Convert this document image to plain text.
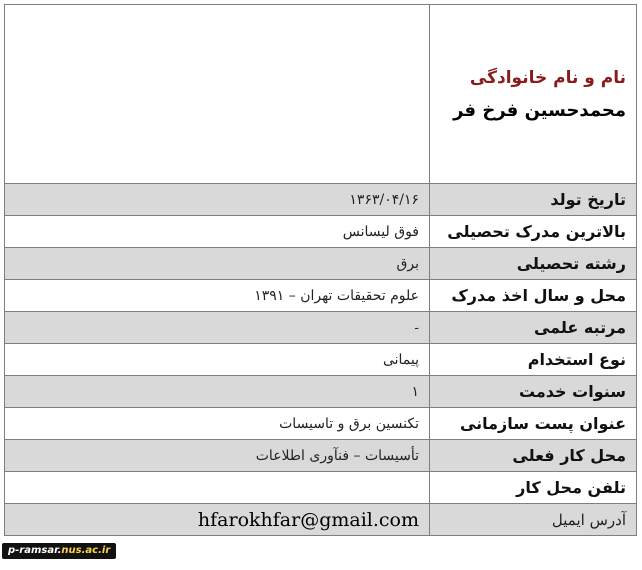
نام و نام خانوادگی
محمدحسین فرخ فر	

تاریخ تولد	۱۳۶۳/۰۴/۱۶
بالاترین مدرک تحصیلی	فوق لیسانس
رشته تحصیلی	برق
محل و سال اخذ مدرک	علوم تحقیقات تهران – ۱۳۹۱
مرتبه علمی	-
نوع استخدام	پیمانی
سنوات خدمت	۱
عنوان پست سازمانی	تکنسین برق و تاسیسات
محل کار فعلی	تأسیسات – فنآوری اطلاعات
تلفن محل کار	
آدرس ایمیل	hfarokhfar@gmail.com
p-ramsar.nus.ac.ir
